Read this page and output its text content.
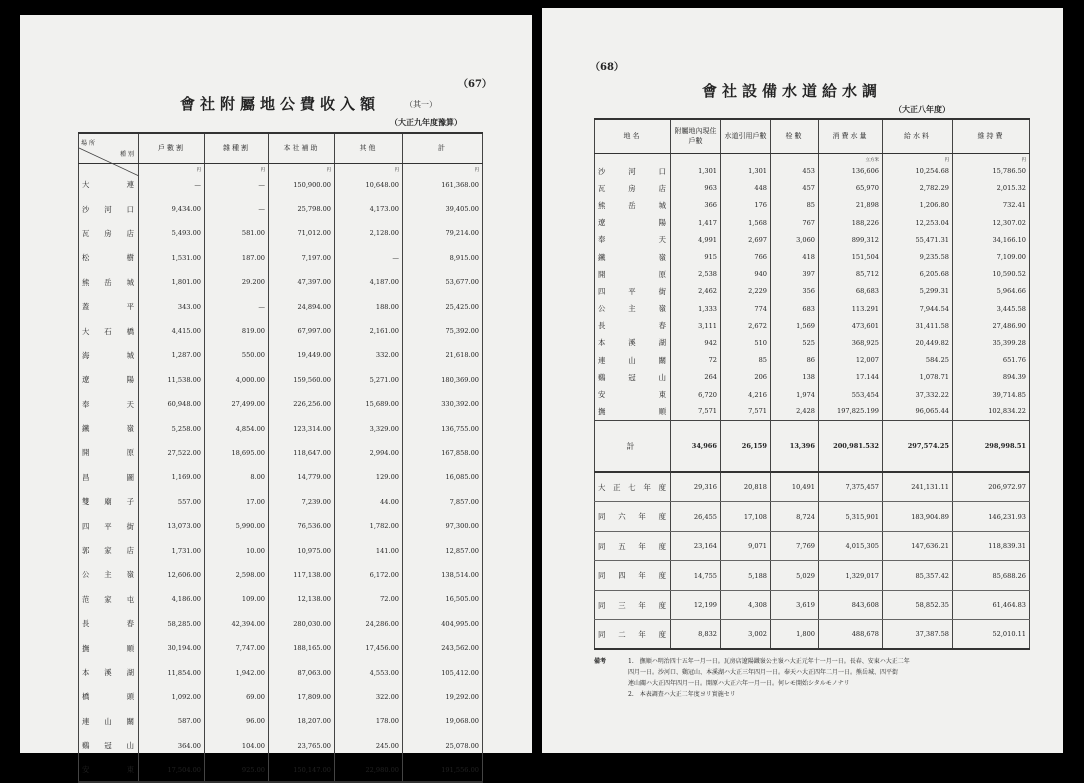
（67）
會社附屬地公費收入額	（其一）
（大正九年度豫算）
種別
場所	戶數割	雜種割	本社補助	其他	計
	円	円	円	円	円
大連	—	—	150,900.00	10,648.00	161,368.00
沙河口	9,434.00	—	25,798.00	4,173.00	39,405.00
瓦房店	5,493.00	581.00	71,012.00	2,128.00	79,214.00
松樹	1,531.00	187.00	7,197.00	—	8,915.00
熊岳城	1,801.00	29.200	47,397.00	4,187.00	53,677.00
蓋平	343.00	—	24,894.00	188.00	25,425.00
大石橋	4,415.00	819.00	67,997.00	2,161.00	75,392.00
海城	1,287.00	550.00	19,449.00	332.00	21,618.00
遼陽	11,538.00	4,000.00	159,560.00	5,271.00	180,369.00
奉天	60,948.00	27,499.00	226,256.00	15,689.00	330,392.00
鐵嶺	5,258.00	4,854.00	123,314.00	3,329.00	136,755.00
開原	27,522.00	18,695.00	118,647.00	2,994.00	167,858.00
昌圖	1,169.00	8.00	14,779.00	129.00	16,085.00
雙廟子	557.00	17.00	7,239.00	44.00	7,857.00
四平街	13,073.00	5,990.00	76,536.00	1,782.00	97,300.00
郭家店	1,731.00	10.00	10,975.00	141.00	12,857.00
公主嶺	12,606.00	2,598.00	117,138.00	6,172.00	138,514.00
范家屯	4,186.00	109.00	12,138.00	72.00	16,505.00
長春	58,285.00	42,394.00	280,030.00	24,286.00	404,995.00
撫順	30,194.00	7,747.00	188,165.00	17,456.00	243,562.00
本溪湖	11,854.00	1,942.00	87,063.00	4,553.00	105,412.00
橋頭	1,092.00	69.00	17,809.00	322.00	19,292.00
連山關	587.00	96.00	18,207.00	178.00	19,068.00
鷄冠山	364.00	104.00	23,765.00	245.00	25,078.00
安東	17,504.00	925.00	150,147.00	22,980.00	191,556.00
（68）
會社設備水道給水調
（大正八年度）
地名	附屬地內現住戶數	水道引用戶數	栓數	消費水量	給水料	維持費
				立方米	円	円
沙河口	1,301	1,301	453	136,606	10,254.68	15,786.50
瓦房店	963	448	457	65,970	2,782.29	2,015.32
熊岳城	366	176	85	21,898	1,206.80	732.41
遼陽	1,417	1,568	767	188,226	12,253.04	12,307.02
奉天	4,991	2,697	3,060	899,312	55,471.31	34,166.10
鐵嶺	915	766	418	151,504	9,235.58	7,109.00
開原	2,538	940	397	85,712	6,205.68	10,590.52
四平街	2,462	2,229	356	68,683	5,299.31	5,964.66
公主嶺	1,333	774	683	113.291	7,944.54	3,445.58
長春	3,111	2,672	1,569	473,601	31,411.58	27,486.90
本溪湖	942	510	525	368,925	20,449.82	35,399.28
連山關	72	85	86	12,007	584.25	651.76
鷄冠山	264	206	138	17.144	1,078.71	894.39
安東	6,720	4,216	1,974	553,454	37,332.22	39,714.85
撫順	7,571	7,571	2,428	197,825.199	96,065.44	102,834.22
計	34,966	26,159	13,396	200,981.532	297,574.25	298,998.51
大正七年度	29,316	20,818	10,491	7,375,457	241,131.11	206,972.97
同六年度	26,455	17,108	8,724	5,315,901	183,904.89	146,231.93
同五年度	23,164	9,071	7,769	4,015,305	147,636.21	118,839.31
同四年度	14,755	5,188	5,029	1,329,017	85,357.42	85,688.26
同三年度	12,199	4,308	3,619	843,608	58,852.35	61,464.83
同二年度	8,832	3,002	1,800	488,678	37,387.58	52,010.11
備考	1.　撫順ハ明治四十五年一月一日。瓦房店遼陽鐵嶺公主嶺ハ大正元年十一月一日。長春、安東ハ大正二年
四月一日。沙河口、鷄冠山、本溪湖ハ大正三年四月一日。奉天ハ大正四年二月一日。熊岳城、四平街
連山關ハ大正四年四月一日。開原ハ大正六年一月一日。何レモ開始シタルモノナリ
2.　本表調査ハ大正二年度ヨリ實施セリ
